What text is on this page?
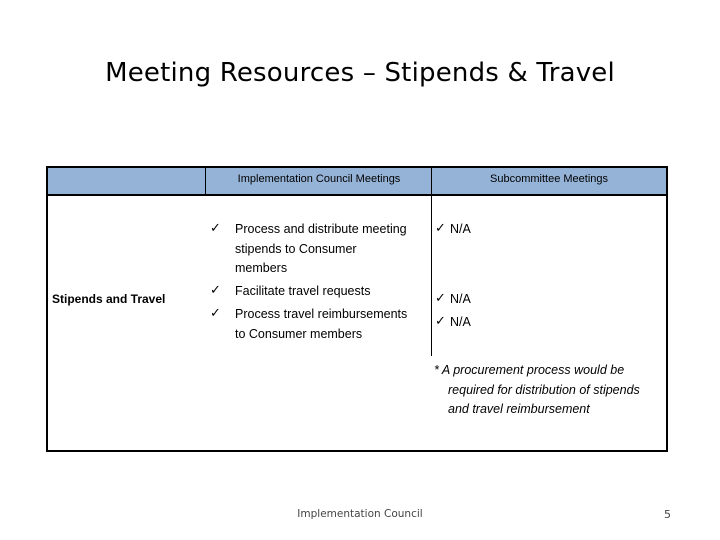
Meeting Resources – Stipends & Travel
Implementation Council Meetings	Subcommittee Meetings
Stipends and Travel
✓ Process and distribute meeting
stipends to Consumer
members
✓ Facilitate travel requests
✓ Process travel reimbursements
to Consumer members
✓ N/A
✓ N/A
✓ N/A
* A procurement process would be
required for distribution of stipends
and travel reimbursement
Implementation Council	5
